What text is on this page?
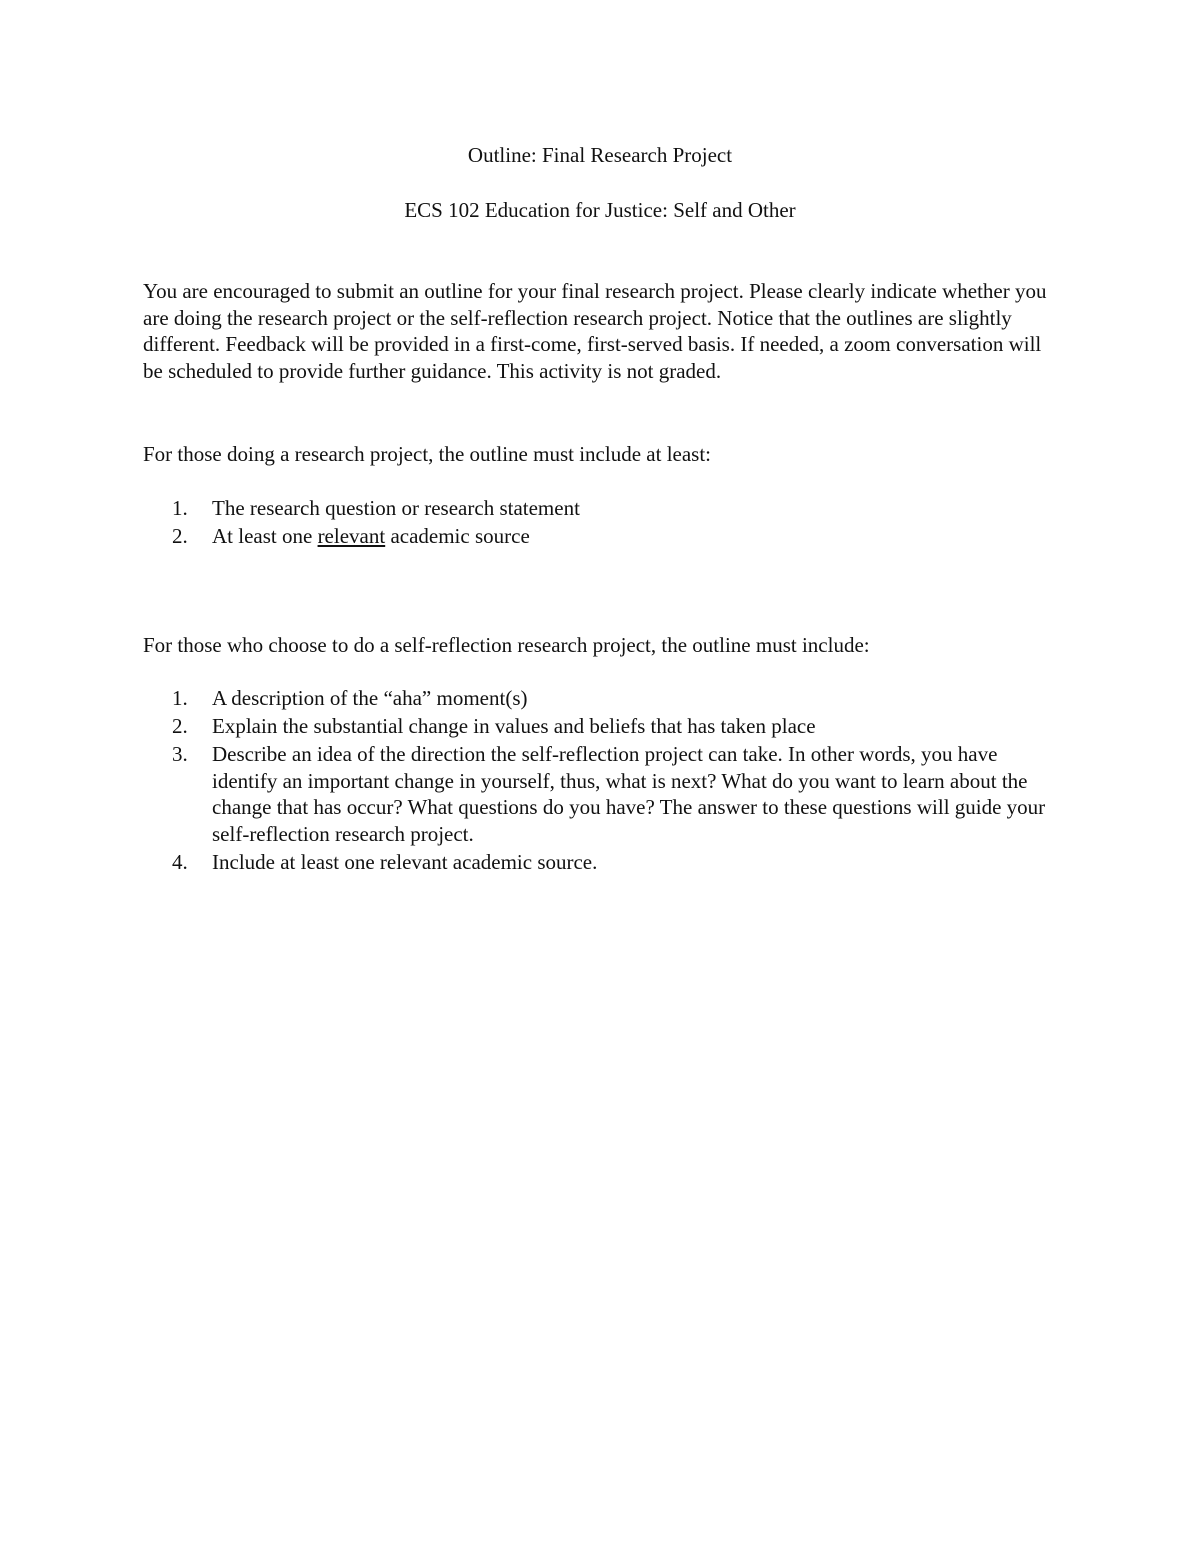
Outline: Final Research Project
ECS 102 Education for Justice: Self and Other

You are encouraged to submit an outline for your final research project. Please clearly indicate whether you are doing the research project or the self-reflection research project. Notice that the outlines are slightly different. Feedback will be provided in a first-come, first-served basis. If needed, a zoom conversation will be scheduled to provide further guidance. This activity is not graded.

For those doing a research project, the outline must include at least:

1. The research question or research statement
2. At least one relevant academic source

For those who choose to do a self-reflection research project, the outline must include:

1. A description of the “aha” moment(s)
2. Explain the substantial change in values and beliefs that has taken place
3. Describe an idea of the direction the self-reflection project can take. In other words, you have identify an important change in yourself, thus, what is next? What do you want to learn about the change that has occur? What questions do you have? The answer to these questions will guide your self-reflection research project.
4. Include at least one relevant academic source.
